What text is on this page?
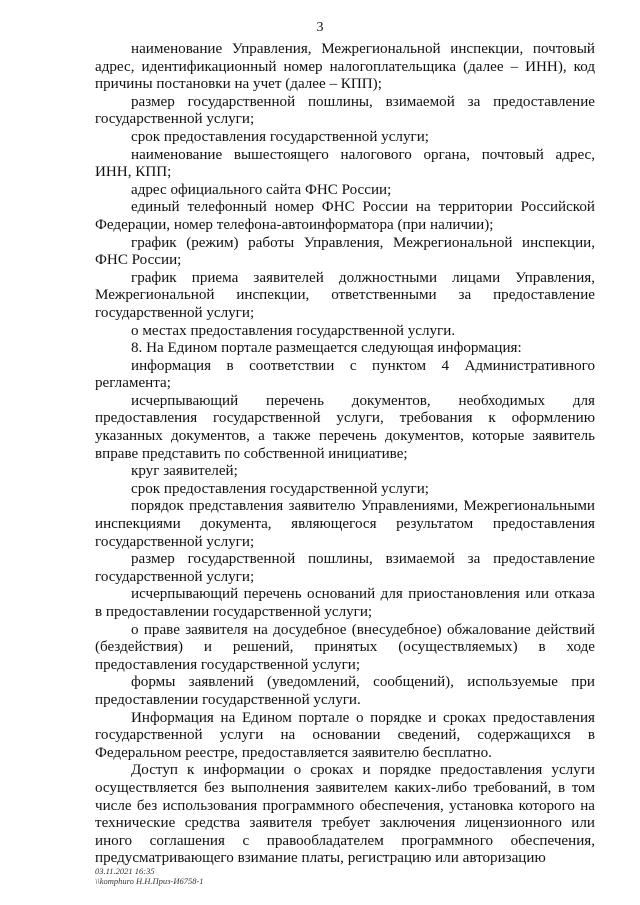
3

наименование Управления, Межрегиональной инспекции, почтовый адрес, идентификационный номер налогоплательщика (далее – ИНН), код причины постановки на учет (далее – КПП);

размер государственной пошлины, взимаемой за предоставление государственной услуги;

срок предоставления государственной услуги;

наименование вышестоящего налогового органа, почтовый адрес, ИНН, КПП;

адрес официального сайта ФНС России;

единый телефонный номер ФНС России на территории Российской Федерации, номер телефона-автоинформатора (при наличии);

график (режим) работы Управления, Межрегиональной инспекции, ФНС России;

график приема заявителей должностными лицами Управления, Межрегиональной инспекции, ответственными за предоставление государственной услуги;

о местах предоставления государственной услуги.

8. На Едином портале размещается следующая информация:

информация в соответствии с пунктом 4 Административного регламента;

исчерпывающий перечень документов, необходимых для предоставления государственной услуги, требования к оформлению указанных документов, а также перечень документов, которые заявитель вправе представить по собственной инициативе;

круг заявителей;

срок предоставления государственной услуги;

порядок представления заявителю Управлениями, Межрегиональными инспекциями документа, являющегося результатом предоставления государственной услуги;

размер государственной пошлины, взимаемой за предоставление государственной услуги;

исчерпывающий перечень оснований для приостановления или отказа в предоставлении государственной услуги;

о праве заявителя на досудебное (внесудебное) обжалование действий (бездействия) и решений, принятых (осуществляемых) в ходе предоставления государственной услуги;

формы заявлений (уведомлений, сообщений), используемые при предоставлении государственной услуги.

Информация на Едином портале о порядке и сроках предоставления государственной услуги на основании сведений, содержащихся в Федеральном реестре, предоставляется заявителю бесплатно.

Доступ к информации о сроках и порядке предоставления услуги осуществляется без выполнения заявителем каких-либо требований, в том числе без использования программного обеспечения, установка которого на технические средства заявителя требует заключения лицензионного или иного соглашения с правообладателем программного обеспечения, предусматривающего взимание платы, регистрацию или авторизацию

03.11.2021 16:35
\\komphuro Н.Н.Приз-И6758-1
